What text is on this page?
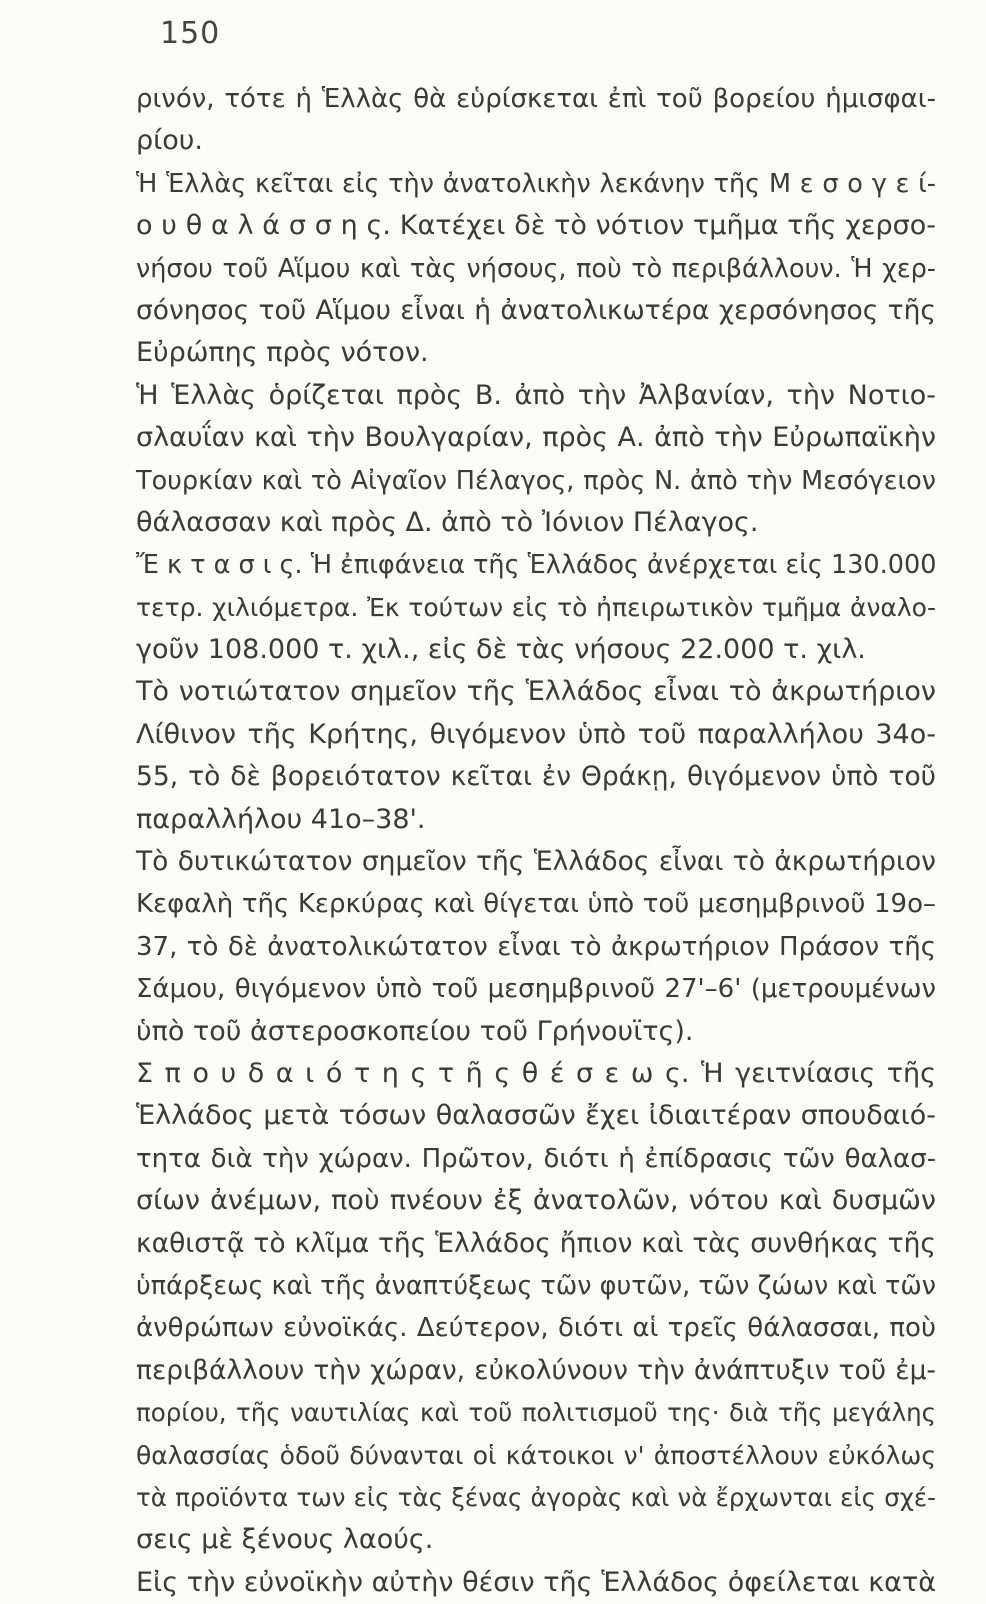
150
ρινόν, τότε ἡ Ἑλλὰς θὰ εὑρίσκεται ἐπὶ τοῦ βορείου ἡμισφαι-
ρίου.
Ἡ Ἑλλὰς κεῖται εἰς τὴν ἀνατολικὴν λεκάνην τῆς Μ ε σ ο γ ε ί-
ο υ θ α λ ά σ σ η ς. Κατέχει δὲ τὸ νότιον τμῆμα τῆς χερσο-
νήσου τοῦ Αἵμου καὶ τὰς νήσους, ποὺ τὸ περιβάλλουν. Ἡ χερ-
σόνησος τοῦ Αἵμου εἶναι ἡ ἀνατολικωτέρα χερσόνησος τῆς
Εὐρώπης πρὸς νότον.
Ἡ Ἑλλὰς ὁρίζεται πρὸς Β. ἀπὸ τὴν Ἀλβανίαν, τὴν Νοτιο-
σλαυΐαν καὶ τὴν Βουλγαρίαν, πρὸς Α. ἀπὸ τὴν Εὐρωπαϊκὴν
Τουρκίαν καὶ τὸ Αἰγαῖον Πέλαγος, πρὸς Ν. ἀπὸ τὴν Μεσόγειον
θάλασσαν καὶ πρὸς Δ. ἀπὸ τὸ Ἰόνιον Πέλαγος.
Ἔ κ τ α σ ι ς. Ἡ ἐπιφάνεια τῆς Ἑλλάδος ἀνέρχεται εἰς 130.000
τετρ. χιλιόμετρα. Ἐκ τούτων εἰς τὸ ἠπειρωτικὸν τμῆμα ἀναλο-
γοῦν 108.000 τ. χιλ., εἰς δὲ τὰς νήσους 22.000 τ. χιλ.
Τὸ νοτιώτατον σημεῖον τῆς Ἑλλάδος εἶναι τὸ ἀκρωτήριον
Λίθινον τῆς Κρήτης, θιγόμενον ὑπὸ τοῦ παραλλήλου 34ο-
55, τὸ δὲ βορειότατον κεῖται ἐν Θράκῃ, θιγόμενον ὑπὸ τοῦ
παραλλήλου 41ο–38'.
Τὸ δυτικώτατον σημεῖον τῆς Ἑλλάδος εἶναι τὸ ἀκρωτήριον
Κεφαλὴ τῆς Κερκύρας καὶ θίγεται ὑπὸ τοῦ μεσημβρινοῦ 19ο–
37, τὸ δὲ ἀνατολικώτατον εἶναι τὸ ἀκρωτήριον Πράσον τῆς
Σάμου, θιγόμενον ὑπὸ τοῦ μεσημβρινοῦ 27'–6' (μετρουμένων
ὑπὸ τοῦ ἀστεροσκοπείου τοῦ Γρήνουϊτς).
Σ π ο υ δ α ι ό τ η ς τ ῆ ς θ έ σ ε ω ς. Ἡ γειτνίασις τῆς
Ἑλλάδος μετὰ τόσων θαλασσῶν ἔχει ἰδιαιτέραν σπουδαιό-
τητα διὰ τὴν χώραν. Πρῶτον, διότι ἡ ἐπίδρασις τῶν θαλασ-
σίων ἀνέμων, ποὺ πνέουν ἐξ ἀνατολῶν, νότου καὶ δυσμῶν
καθιστᾷ τὸ κλῖμα τῆς Ἑλλάδος ἤπιον καὶ τὰς συνθήκας τῆς
ὑπάρξεως καὶ τῆς ἀναπτύξεως τῶν φυτῶν, τῶν ζώων καὶ τῶν
ἀνθρώπων εὐνοϊκάς. Δεύτερον, διότι αἱ τρεῖς θάλασσαι, ποὺ
περιβάλλουν τὴν χώραν, εὐκολύνουν τὴν ἀνάπτυξιν τοῦ ἐμ-
πορίου, τῆς ναυτιλίας καὶ τοῦ πολιτισμοῦ της· διὰ τῆς μεγάλης
θαλασσίας ὁδοῦ δύνανται οἱ κάτοικοι ν' ἀποστέλλουν εὐκόλως
τὰ προϊόντα των εἰς τὰς ξένας ἀγορὰς καὶ νὰ ἔρχωνται εἰς σχέ-
σεις μὲ ξένους λαούς.
Εἰς τὴν εὐνοϊκὴν αὐτὴν θέσιν τῆς Ἑλλάδος ὀφείλεται κατὰ
